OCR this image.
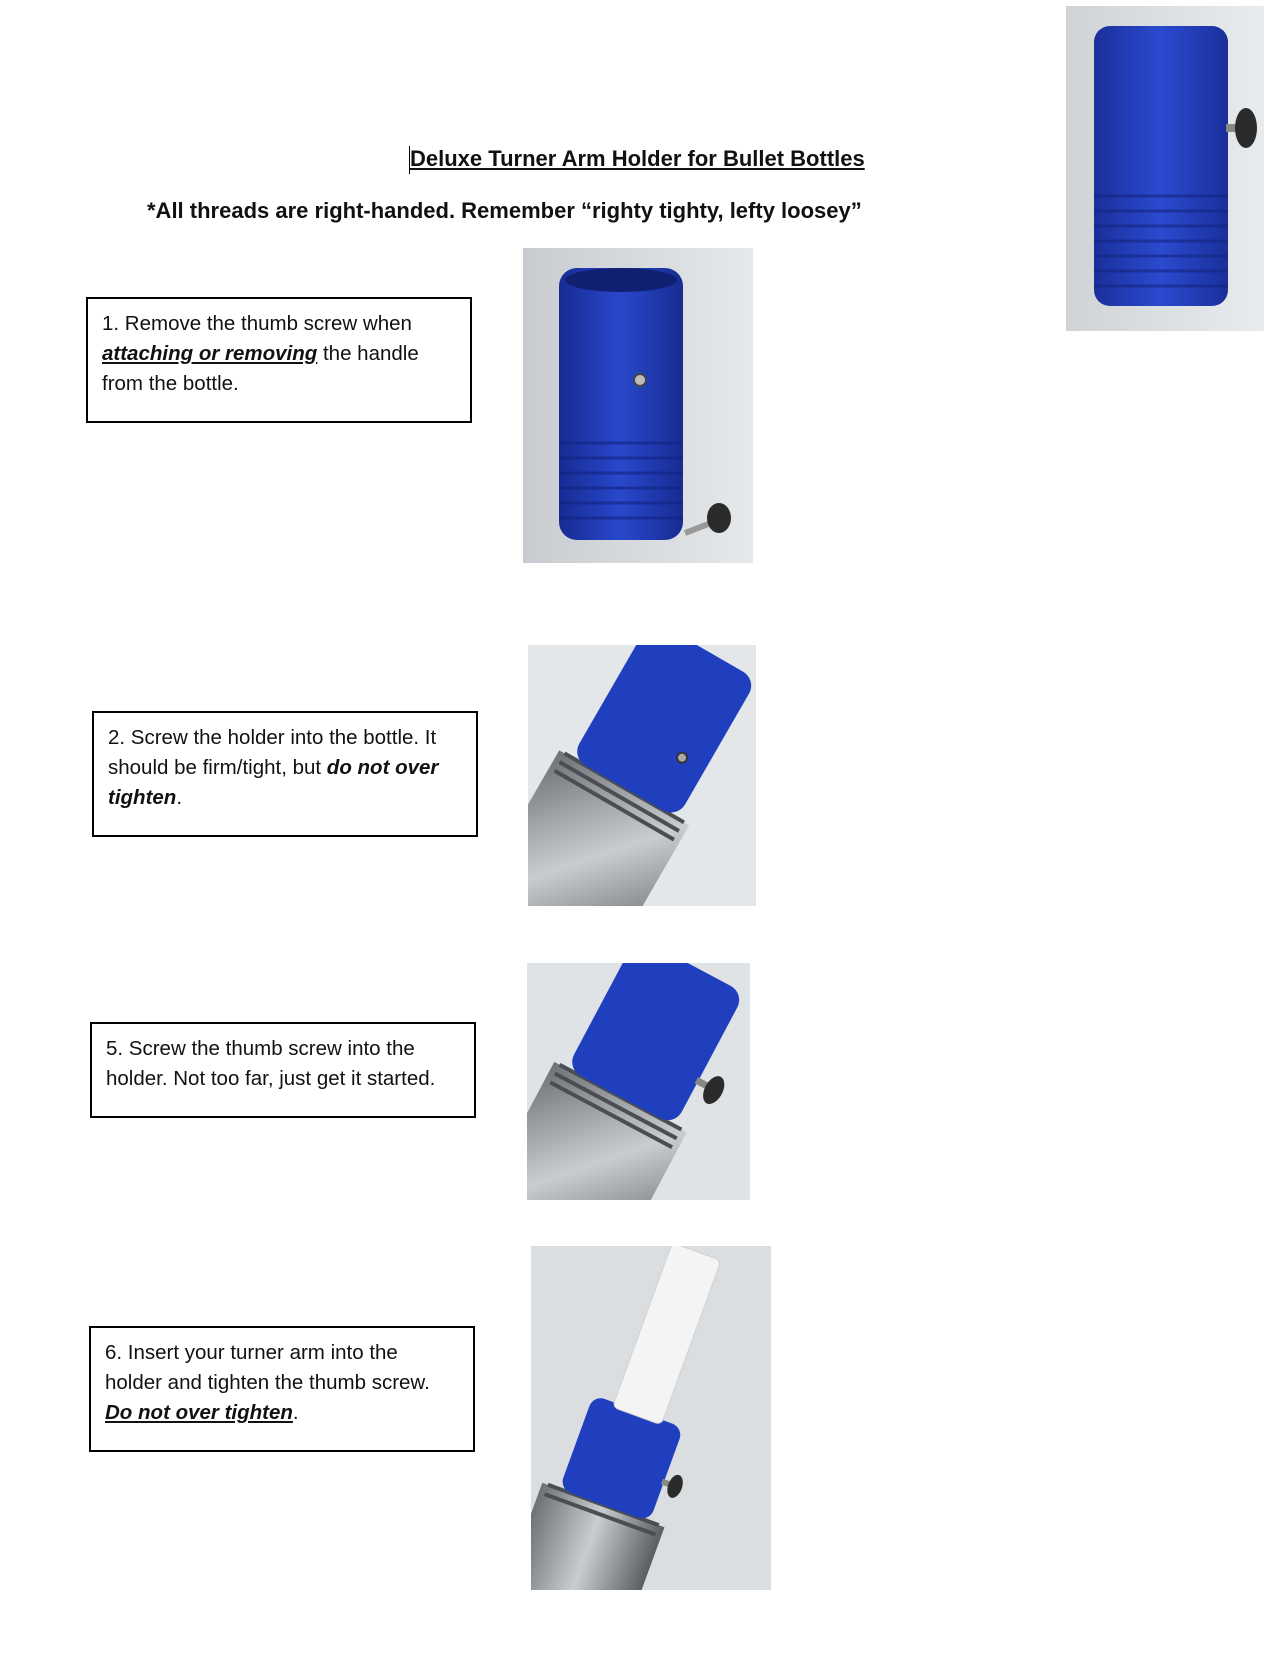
Deluxe Turner Arm Holder for Bullet Bottles
*All threads are right-handed. Remember “righty tighty, lefty loosey”
1. Remove the thumb screw when attaching or removing the handle from the bottle.
2. Screw the holder into the bottle. It should be firm/tight, but do not over tighten.
5. Screw the thumb screw into the holder. Not too far, just get it started.
6. Insert your turner arm into the holder and tighten the thumb screw. Do not over tighten.
